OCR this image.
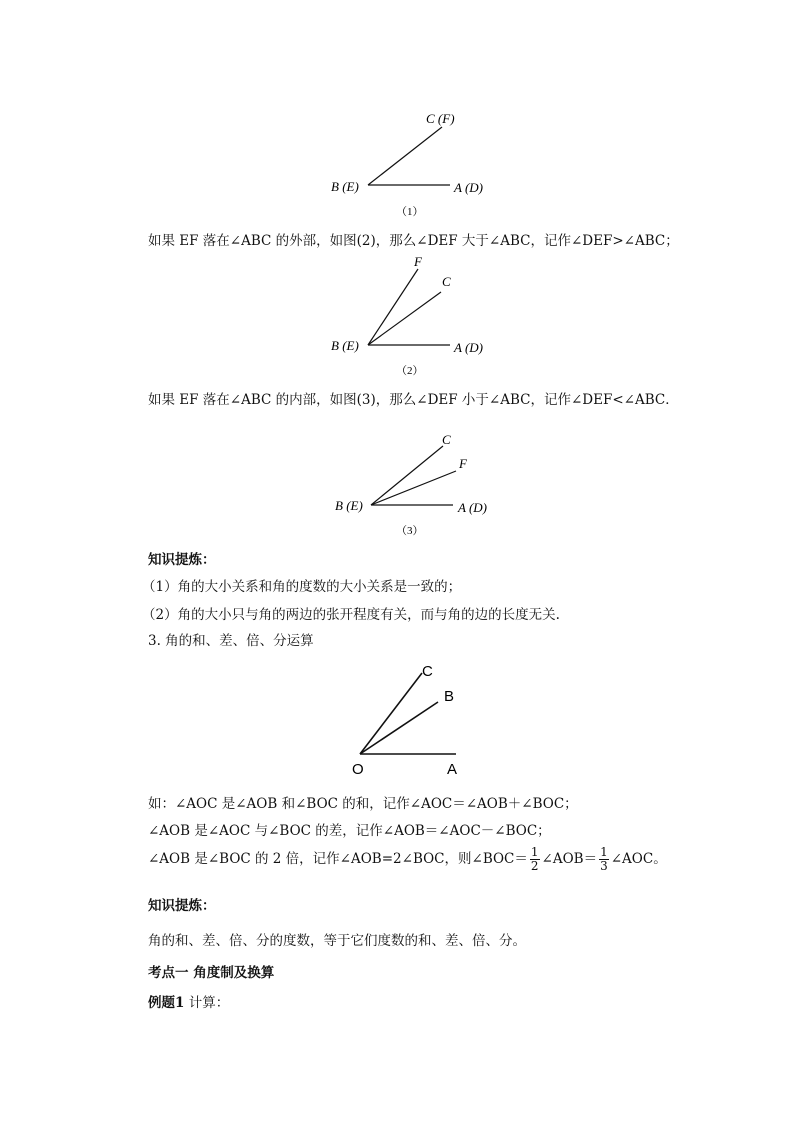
C (F)
B (E)	A (D)
（1）
如果 EF 落在∠ABC 的外部，如图(2)，那么∠DEF 大于∠ABC，记作∠DEF>∠ABC；
F
C
B (E)	A (D)
（2）
如果 EF 落在∠ABC 的内部，如图(3)，那么∠DEF 小于∠ABC，记作∠DEF<∠ABC．
C
F
B (E)	A (D)
（3）
知识提炼：
（1）角的大小关系和角的度数的大小关系是一致的；
（2）角的大小只与角的两边的张开程度有关，而与角的边的长度无关.
3. 角的和、差、倍、分运算
C
B
O	A
如：∠AOC 是∠AOB 和∠BOC 的和，记作∠AOC＝∠AOB＋∠BOC；
∠AOB 是∠AOC 与∠BOC 的差，记作∠AOB＝∠AOC－∠BOC；
∠AOB 是∠BOC 的 2 倍，记作∠AOB=2∠BOC，则∠BOC＝ $\frac{1}{2}$ ∠AOB＝ $\frac{1}{3}$ ∠AOC。
知识提炼：
角的和、差、倍、分的度数，等于它们度数的和、差、倍、分。
考点一 角度制及换算
例题1 计算：
